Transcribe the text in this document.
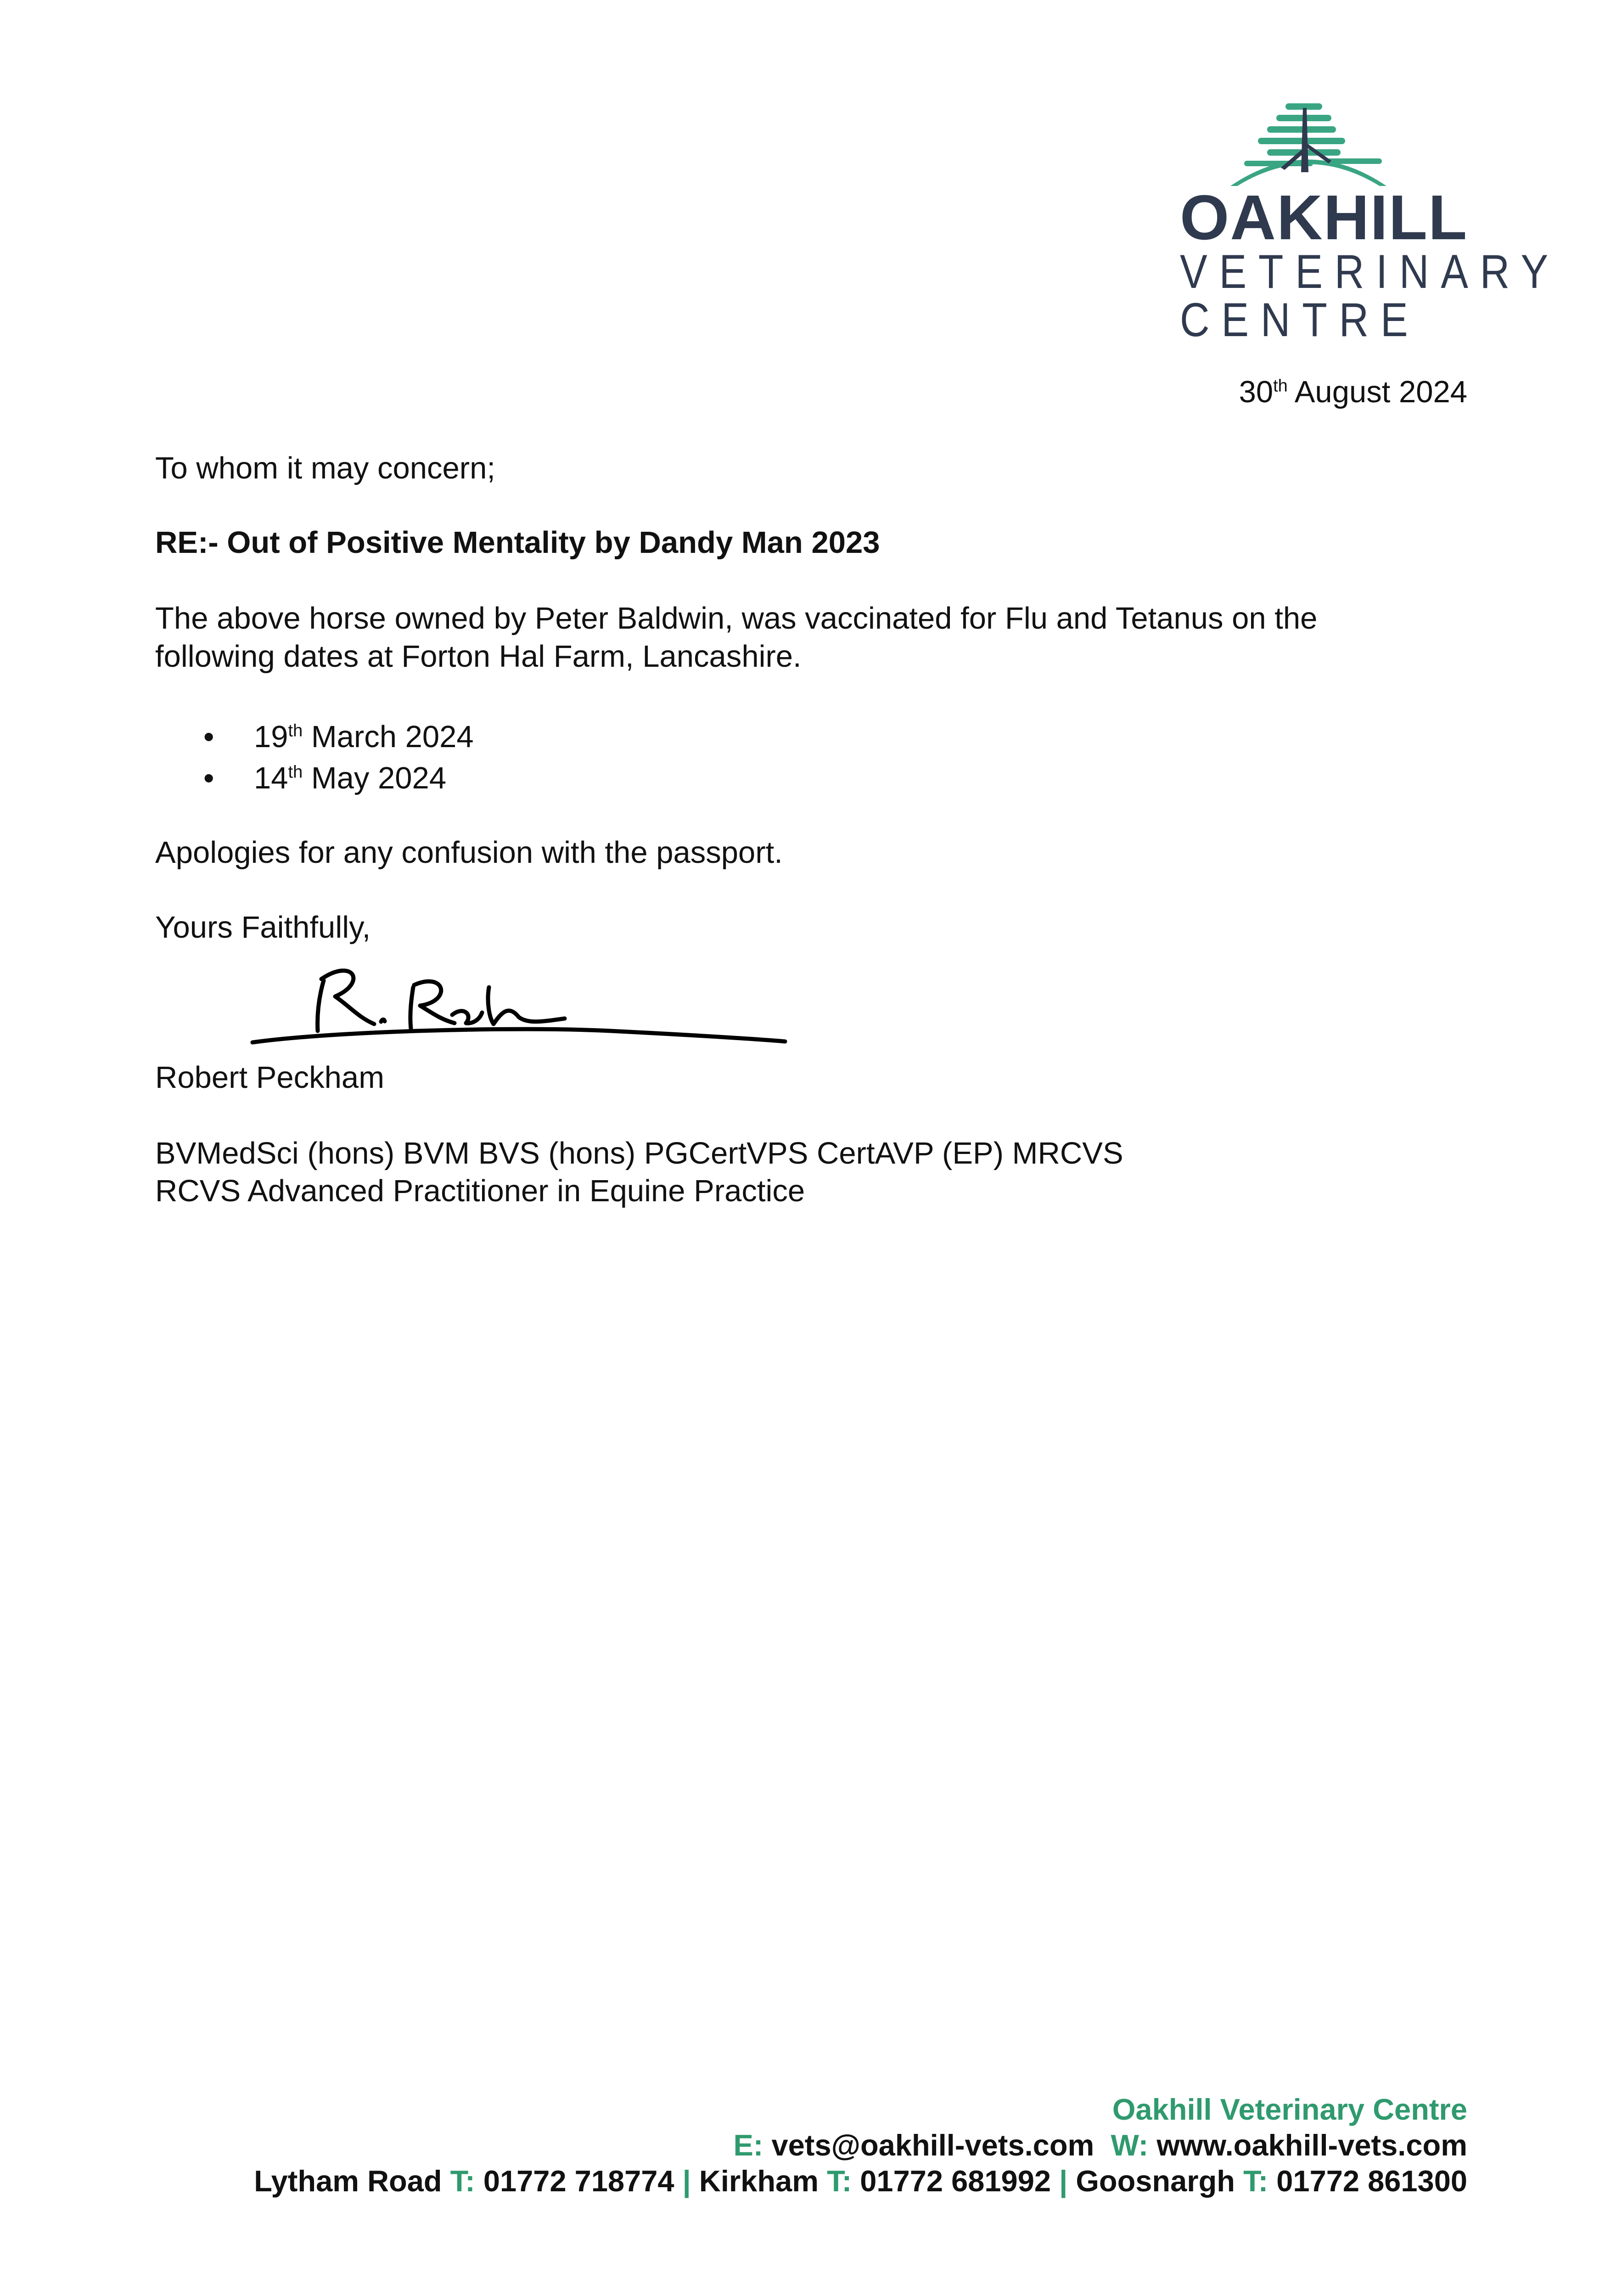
OAKHILL
VETERINARY
CENTRE
30th August 2024
To whom it may concern;
RE:- Out of Positive Mentality by Dandy Man 2023
The above horse owned by Peter Baldwin, was vaccinated for Flu and Tetanus on the
following dates at Forton Hal Farm, Lancashire.
• 19th March 2024
• 14th May 2024
Apologies for any confusion with the passport.
Yours Faithfully,
Robert Peckham
BVMedSci (hons) BVM BVS (hons) PGCertVPS CertAVP (EP) MRCVS
RCVS Advanced Practitioner in Equine Practice
Oakhill Veterinary Centre
E: vets@oakhill-vets.com W: www.oakhill-vets.com
Lytham Road T: 01772 718774 | Kirkham T: 01772 681992 | Goosnargh T: 01772 861300
